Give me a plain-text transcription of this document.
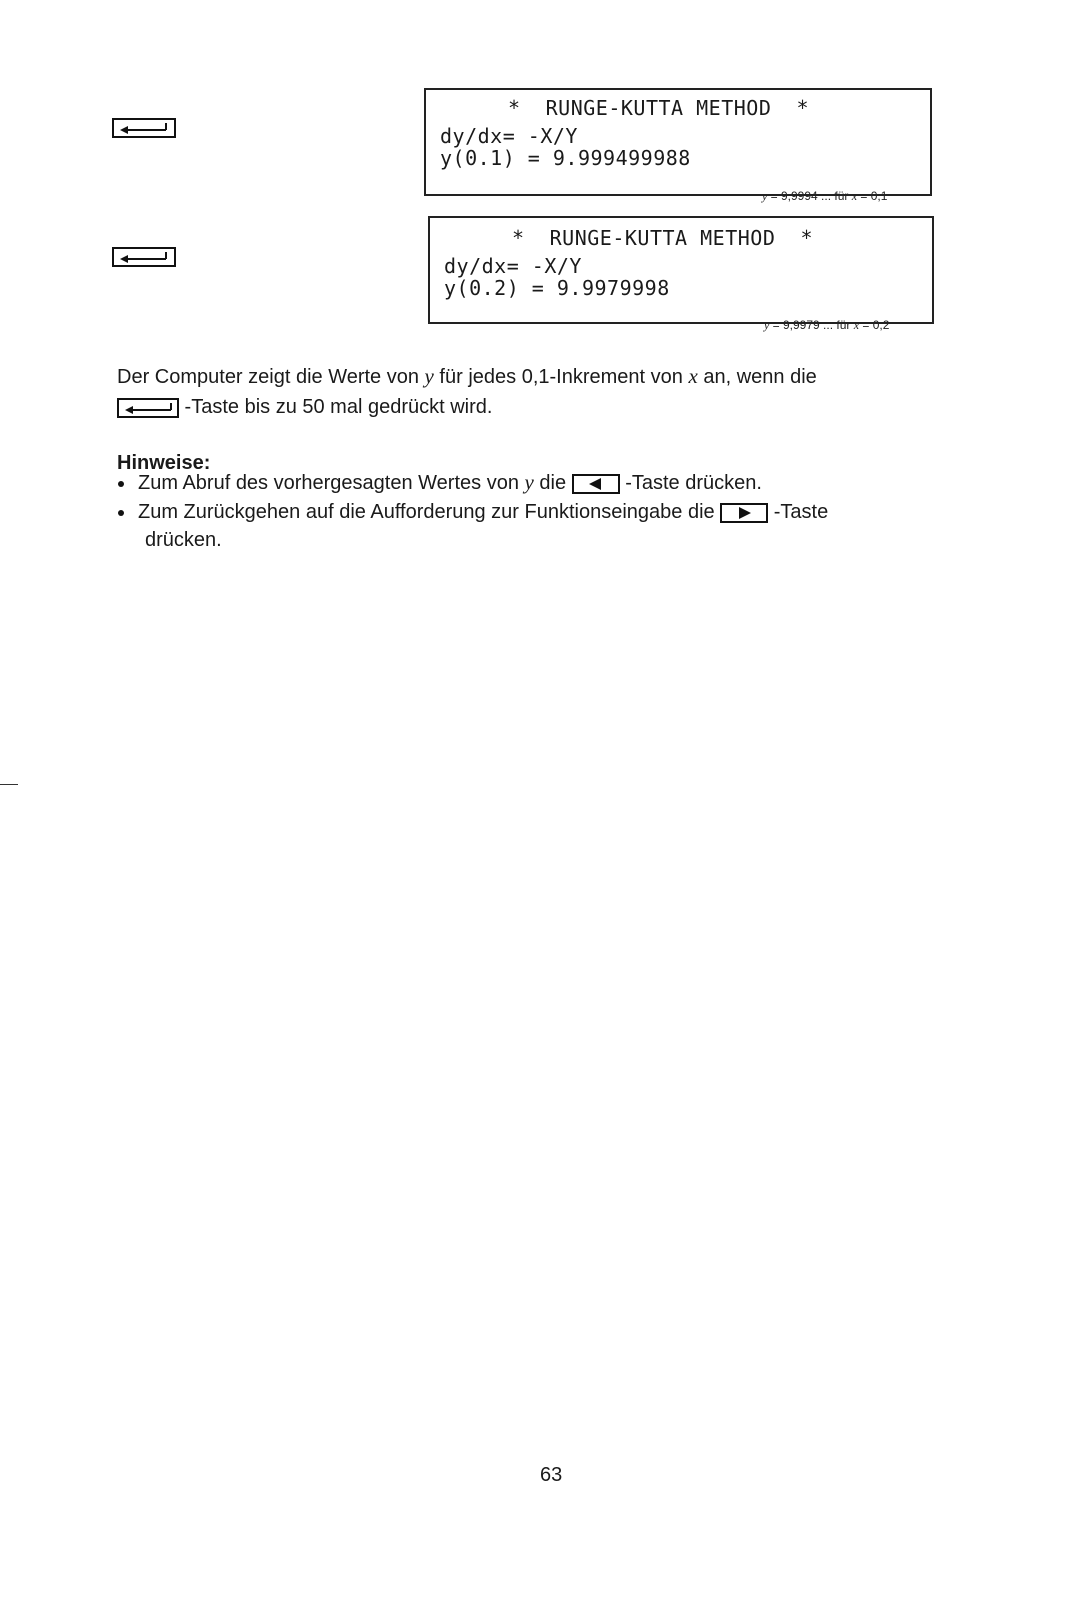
*  RUNGE-KUTTA METHOD  *
dy/dx= -X/Y
y(0.1) = 9.999499988
y = 9,9994 ... für x = 0,1
*  RUNGE-KUTTA METHOD  *
dy/dx= -X/Y
y(0.2) = 9.9979998
y = 9,9979 ... für x = 0,2
Der Computer zeigt die Werte von y für jedes 0,1-Inkrement von x an, wenn die
-Taste bis zu 50 mal gedrückt wird.
Hinweise:
Zum Abruf des vorhergesagten Wertes von y die
-Taste drücken.
Zum Zurückgehen auf die Aufforderung zur Funktionseingabe die
-Taste
drücken.
63
